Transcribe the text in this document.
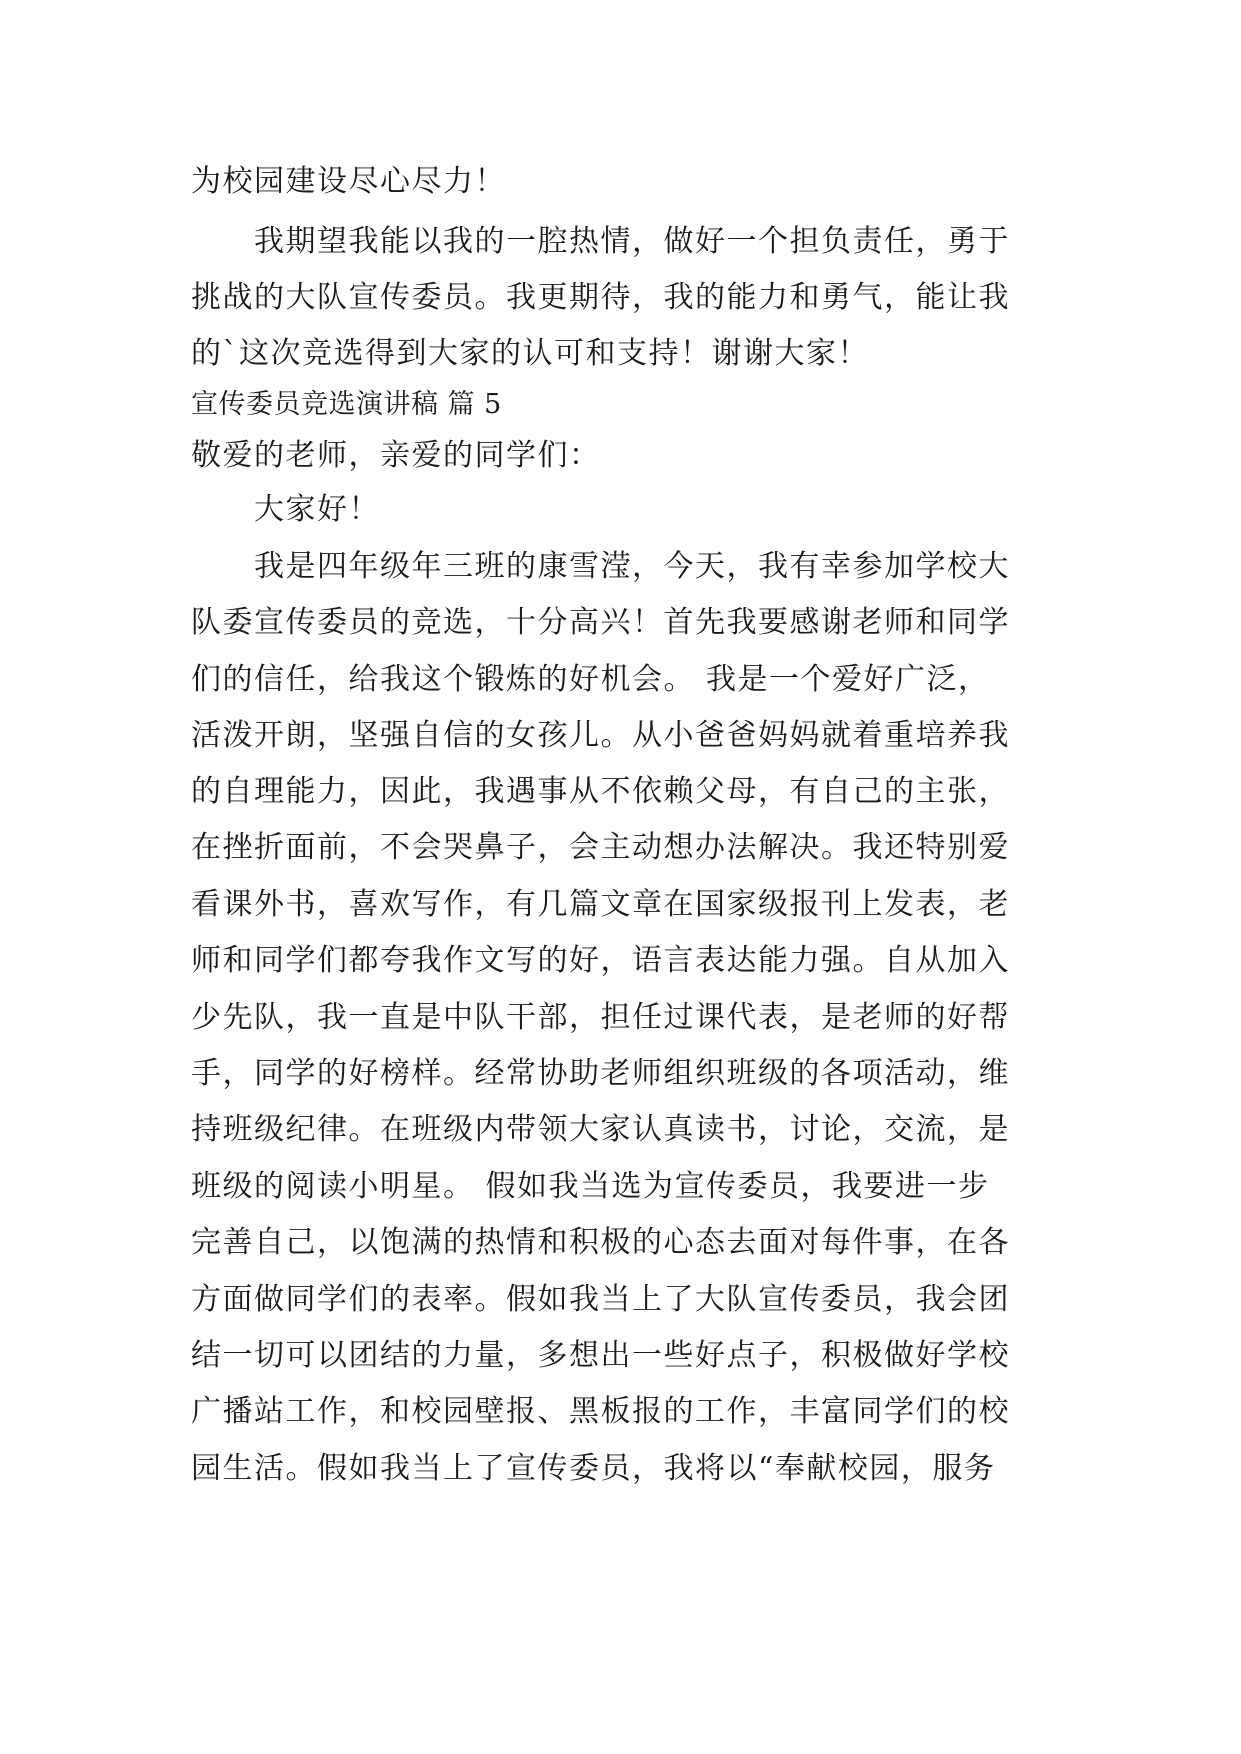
为校园建设尽心尽力！
我期望我能以我的一腔热情，做好一个担负责任，勇于
挑战的大队宣传委员。我更期待，我的能力和勇气，能让我
的`这次竞选得到大家的认可和支持！谢谢大家！
宣传委员竞选演讲稿 篇 5
敬爱的老师，亲爱的同学们：
大家好！
我是四年级年三班的康雪滢，今天，我有幸参加学校大
队委宣传委员的竞选，十分高兴！首先我要感谢老师和同学
们的信任，给我这个锻炼的好机会。 我是一个爱好广泛，
活泼开朗，坚强自信的女孩儿。从小爸爸妈妈就着重培养我
的自理能力，因此，我遇事从不依赖父母，有自己的主张，
在挫折面前，不会哭鼻子，会主动想办法解决。我还特别爱
看课外书，喜欢写作，有几篇文章在国家级报刊上发表，老
师和同学们都夸我作文写的好，语言表达能力强。自从加入
少先队，我一直是中队干部，担任过课代表，是老师的好帮
手，同学的好榜样。经常协助老师组织班级的各项活动，维
持班级纪律。在班级内带领大家认真读书，讨论，交流，是
班级的阅读小明星。 假如我当选为宣传委员，我要进一步
完善自己，以饱满的热情和积极的心态去面对每件事，在各
方面做同学们的表率。假如我当上了大队宣传委员，我会团
结一切可以团结的力量，多想出一些好点子，积极做好学校
广播站工作，和校园壁报、黑板报的工作，丰富同学们的校
园生活。假如我当上了宣传委员，我将以“奉献校园，服务
